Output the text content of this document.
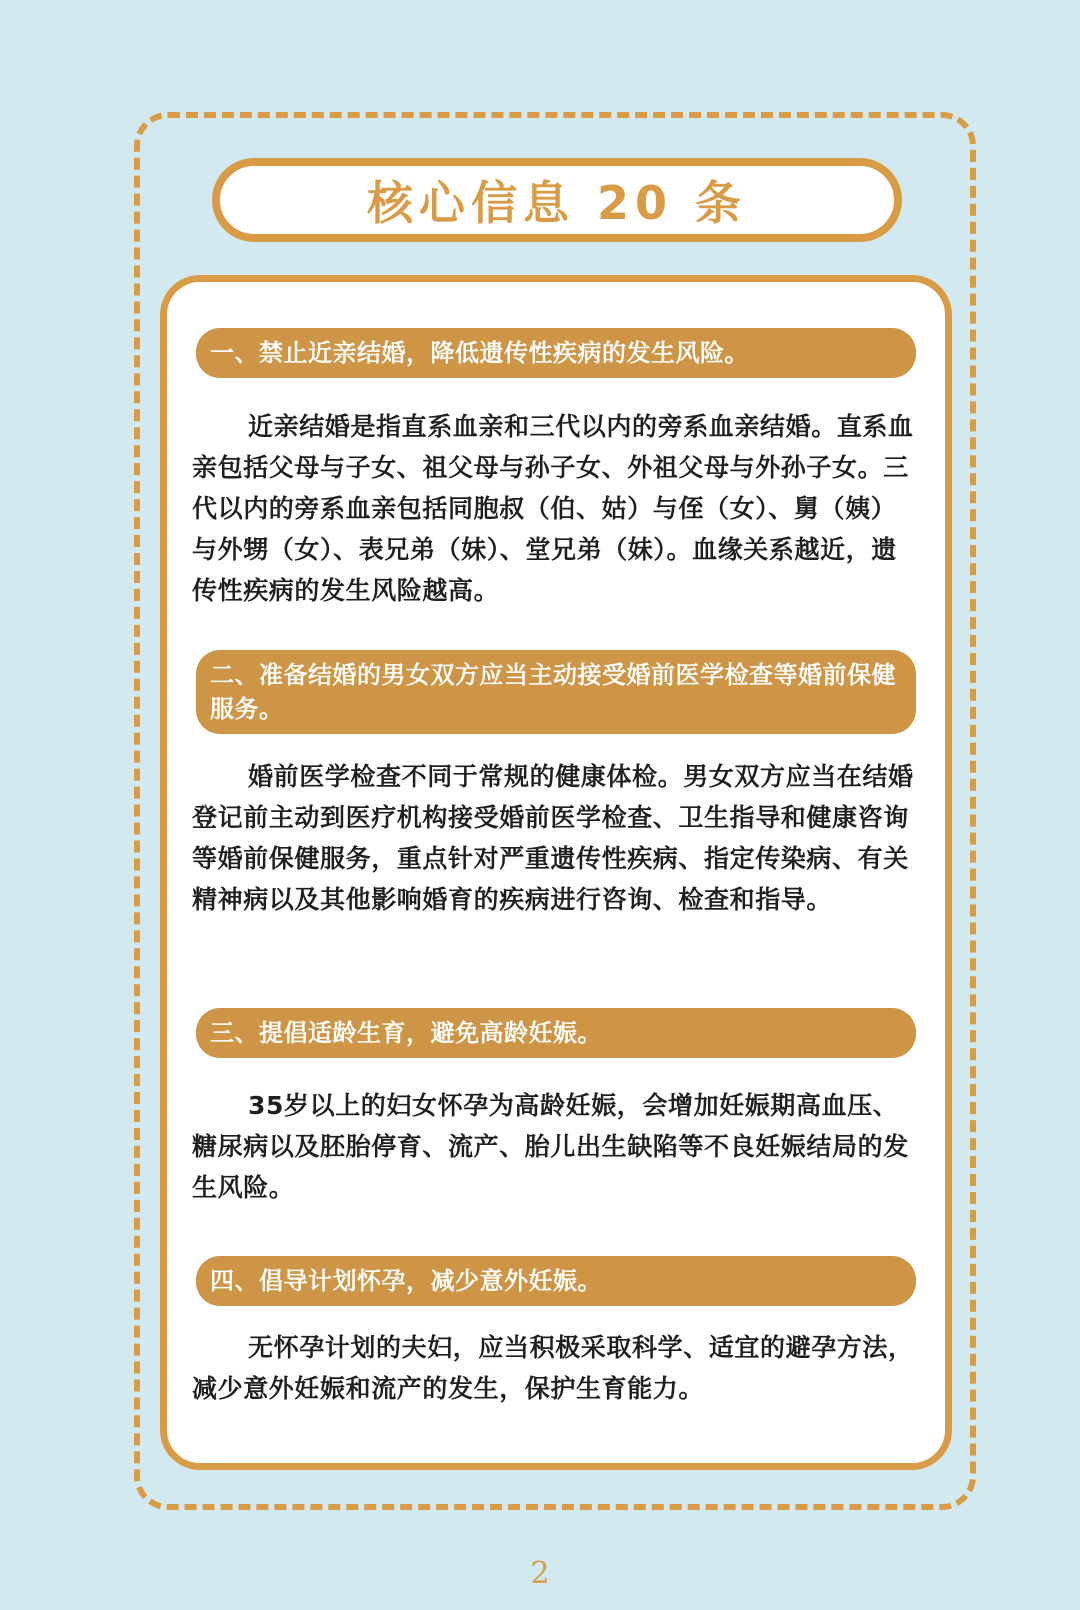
核心信息 20 条
一、禁止近亲结婚，降低遗传性疾病的发生风险。

近亲结婚是指直系血亲和三代以内的旁系血亲结婚。直系血亲包括父母与子女、祖父母与孙子女、外祖父母与外孙子女。三代以内的旁系血亲包括同胞叔（伯、姑）与侄（女）、舅（姨）与外甥（女）、表兄弟（妹）、堂兄弟（妹）。血缘关系越近，遗传性疾病的发生风险越高。

二、准备结婚的男女双方应当主动接受婚前医学检查等婚前保健服务。

婚前医学检查不同于常规的健康体检。男女双方应当在结婚登记前主动到医疗机构接受婚前医学检查、卫生指导和健康咨询等婚前保健服务，重点针对严重遗传性疾病、指定传染病、有关精神病以及其他影响婚育的疾病进行咨询、检查和指导。

三、提倡适龄生育，避免高龄妊娠。

35岁以上的妇女怀孕为高龄妊娠，会增加妊娠期高血压、糖尿病以及胚胎停育、流产、胎儿出生缺陷等不良妊娠结局的发生风险。

四、倡导计划怀孕，减少意外妊娠。

无怀孕计划的夫妇，应当积极采取科学、适宜的避孕方法，减少意外妊娠和流产的发生，保护生育能力。

2
